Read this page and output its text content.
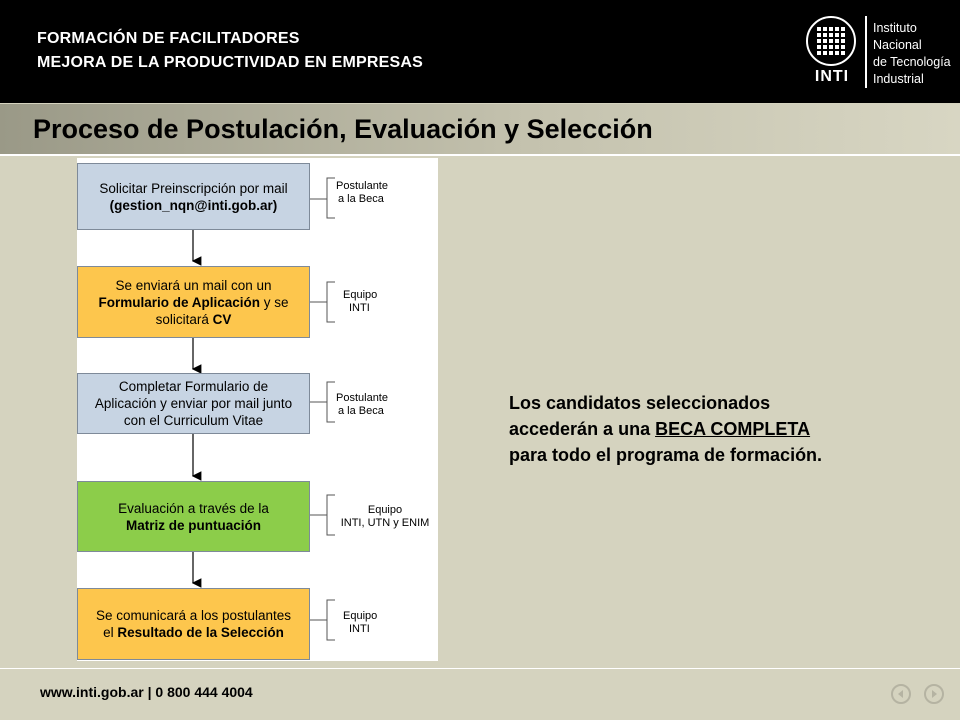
FORMACIÓN DE FACILITADORES
MEJORA DE LA PRODUCTIVIDAD EN EMPRESAS
INTI
Instituto
Nacional
de Tecnología
Industrial
Proceso de Postulación, Evaluación y Selección
Solicitar Preinscripción por mail
(gestion_nqn@inti.gob.ar)
Se enviará un mail con un
Formulario de Aplicación y se
solicitará CV
Completar Formulario de
Aplicación y enviar por mail junto
con el Curriculum Vitae
Evaluación a través de la
Matriz de puntuación
Se comunicará a los postulantes
el Resultado de la Selección
Postulante
a la Beca
Equipo
INTI
Postulante
a la Beca
Equipo
INTI, UTN y ENIM
Equipo
INTI
Los candidatos seleccionados
accederán a una BECA COMPLETA
para todo el programa de formación.
www.inti.gob.ar | 0 800 444 4004
